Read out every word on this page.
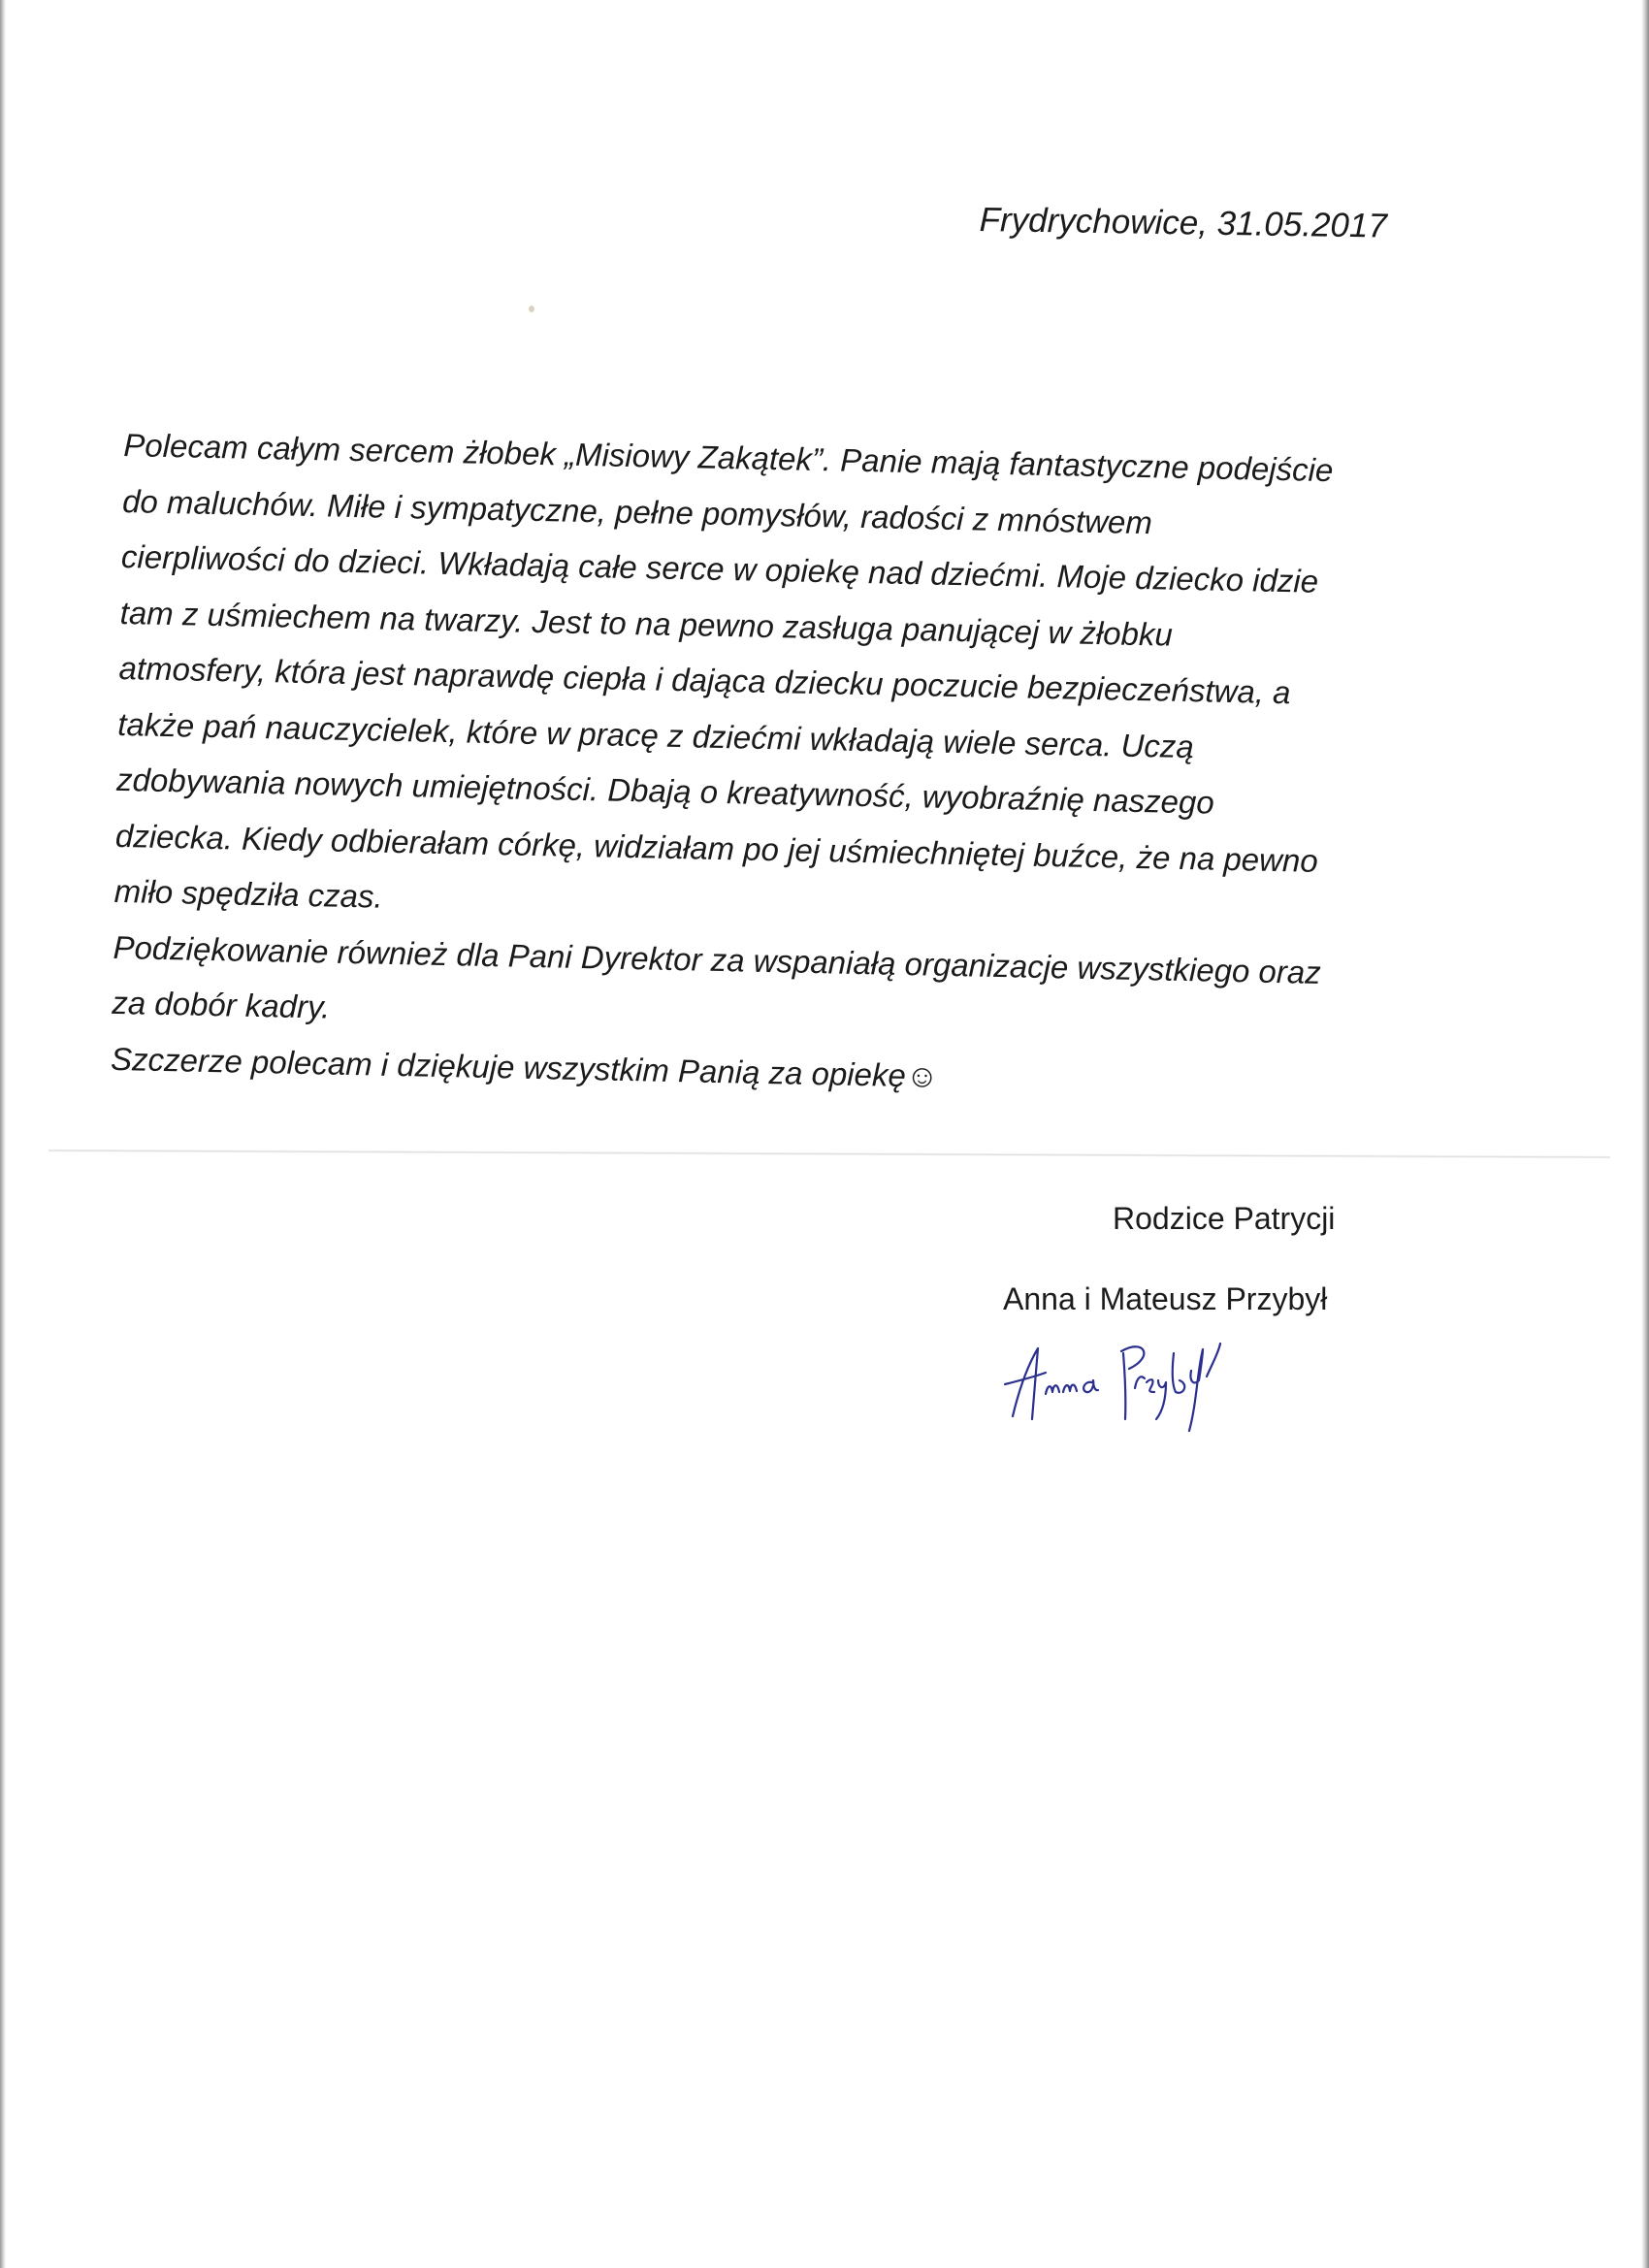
Frydrychowice, 31.05.2017
Polecam całym sercem żłobek „Misiowy Zakątek”. Panie mają fantastyczne podejście
do maluchów. Miłe i sympatyczne, pełne pomysłów, radości z mnóstwem
cierpliwości do dzieci. Wkładają całe serce w opiekę nad dziećmi. Moje dziecko idzie
tam z uśmiechem na twarzy. Jest to na pewno zasługa panującej w żłobku
atmosfery, która jest naprawdę ciepła i dająca dziecku poczucie bezpieczeństwa, a
także pań nauczycielek, które w pracę z dziećmi wkładają wiele serca. Uczą
zdobywania nowych umiejętności. Dbają o kreatywność, wyobraźnię naszego
dziecka. Kiedy odbierałam córkę, widziałam po jej uśmiechniętej buźce, że na pewno
miło spędziła czas.
Podziękowanie również dla Pani Dyrektor za wspaniałą organizacje wszystkiego oraz
za dobór kadry.
Szczerze polecam i dziękuje wszystkim Panią za opiekę☺
Rodzice Patrycji
Anna i Mateusz Przybył
